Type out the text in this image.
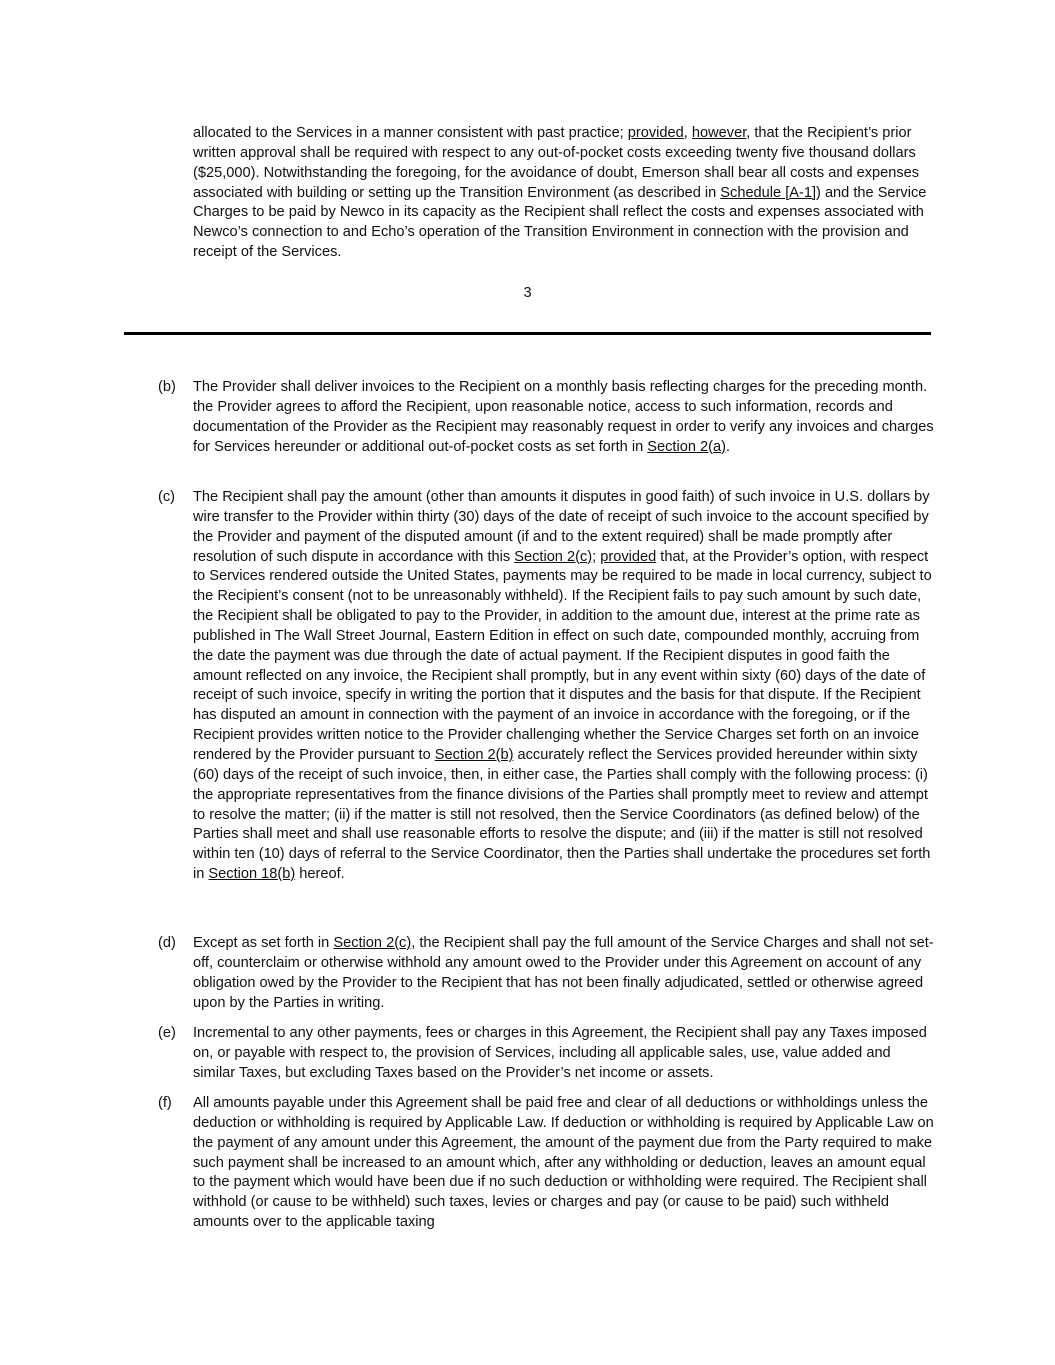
allocated to the Services in a manner consistent with past practice; provided, however, that the Recipient’s prior written approval shall be required with respect to any out-of-pocket costs exceeding twenty five thousand dollars ($25,000). Notwithstanding the foregoing, for the avoidance of doubt, Emerson shall bear all costs and expenses associated with building or setting up the Transition Environment (as described in Schedule [A-1]) and the Service Charges to be paid by Newco in its capacity as the Recipient shall reflect the costs and expenses associated with Newco’s connection to and Echo’s operation of the Transition Environment in connection with the provision and receipt of the Services.

3

(b) The Provider shall deliver invoices to the Recipient on a monthly basis reflecting charges for the preceding month. the Provider agrees to afford the Recipient, upon reasonable notice, access to such information, records and documentation of the Provider as the Recipient may reasonably request in order to verify any invoices and charges for Services hereunder or additional out-of-pocket costs as set forth in Section 2(a).

(c) The Recipient shall pay the amount (other than amounts it disputes in good faith) of such invoice in U.S. dollars by wire transfer to the Provider within thirty (30) days of the date of receipt of such invoice to the account specified by the Provider and payment of the disputed amount (if and to the extent required) shall be made promptly after resolution of such dispute in accordance with this Section 2(c); provided that, at the Provider’s option, with respect to Services rendered outside the United States, payments may be required to be made in local currency, subject to the Recipient’s consent (not to be unreasonably withheld). If the Recipient fails to pay such amount by such date, the Recipient shall be obligated to pay to the Provider, in addition to the amount due, interest at the prime rate as published in The Wall Street Journal, Eastern Edition in effect on such date, compounded monthly, accruing from the date the payment was due through the date of actual payment. If the Recipient disputes in good faith the amount reflected on any invoice, the Recipient shall promptly, but in any event within sixty (60) days of the date of receipt of such invoice, specify in writing the portion that it disputes and the basis for that dispute. If the Recipient has disputed an amount in connection with the payment of an invoice in accordance with the foregoing, or if the Recipient provides written notice to the Provider challenging whether the Service Charges set forth on an invoice rendered by the Provider pursuant to Section 2(b) accurately reflect the Services provided hereunder within sixty (60) days of the receipt of such invoice, then, in either case, the Parties shall comply with the following process: (i) the appropriate representatives from the finance divisions of the Parties shall promptly meet to review and attempt to resolve the matter; (ii) if the matter is still not resolved, then the Service Coordinators (as defined below) of the Parties shall meet and shall use reasonable efforts to resolve the dispute; and (iii) if the matter is still not resolved within ten (10) days of referral to the Service Coordinator, then the Parties shall undertake the procedures set forth in Section 18(b) hereof.

(d) Except as set forth in Section 2(c), the Recipient shall pay the full amount of the Service Charges and shall not set-off, counterclaim or otherwise withhold any amount owed to the Provider under this Agreement on account of any obligation owed by the Provider to the Recipient that has not been finally adjudicated, settled or otherwise agreed upon by the Parties in writing.

(e) Incremental to any other payments, fees or charges in this Agreement, the Recipient shall pay any Taxes imposed on, or payable with respect to, the provision of Services, including all applicable sales, use, value added and similar Taxes, but excluding Taxes based on the Provider’s net income or assets.

(f) All amounts payable under this Agreement shall be paid free and clear of all deductions or withholdings unless the deduction or withholding is required by Applicable Law. If deduction or withholding is required by Applicable Law on the payment of any amount under this Agreement, the amount of the payment due from the Party required to make such payment shall be increased to an amount which, after any withholding or deduction, leaves an amount equal to the payment which would have been due if no such deduction or withholding were required. The Recipient shall withhold (or cause to be withheld) such taxes, levies or charges and pay (or cause to be paid) such withheld amounts over to the applicable taxing
